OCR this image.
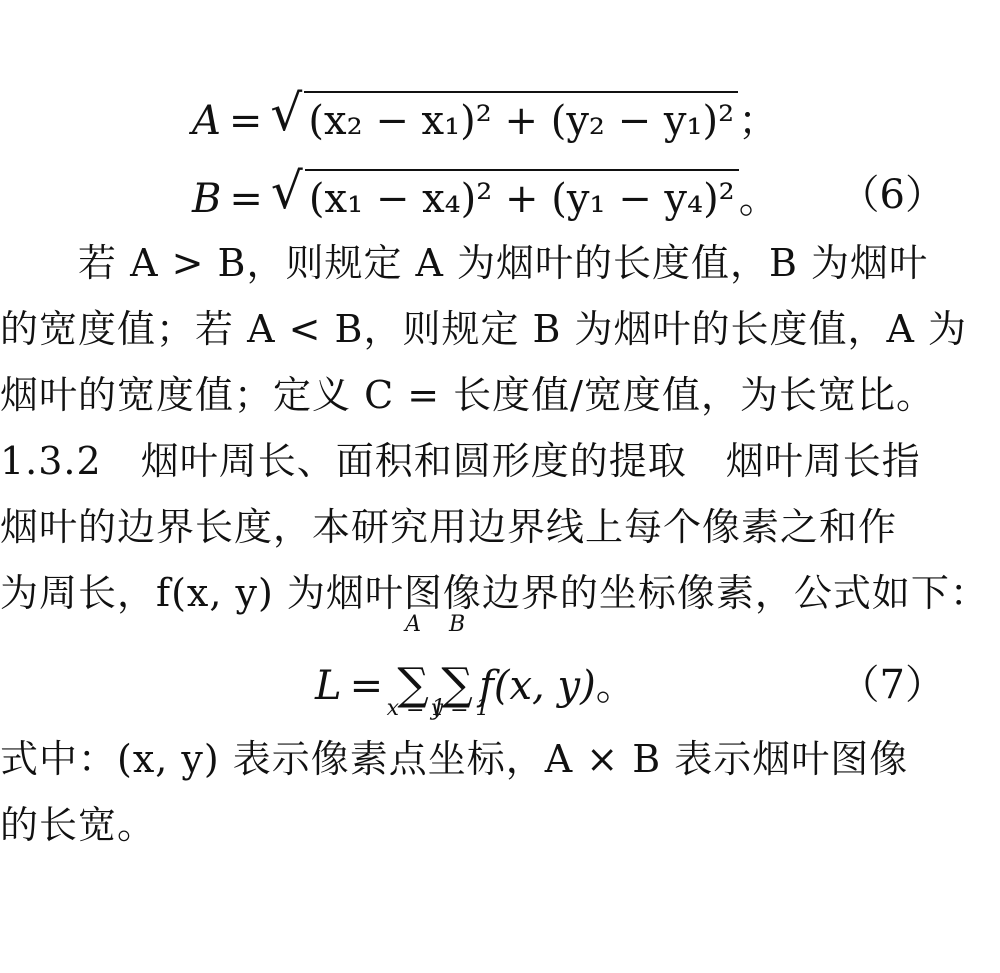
A = √ (x₂ − x₁)² + (y₂ − y₁)² ；
B = √ (x₁ − x₄)² + (y₁ − y₄)² 。 （6）
若 A > B，则规定 A 为烟叶的长度值，B 为烟叶
的宽度值；若 A < B，则规定 B 为烟叶的长度值，A 为
烟叶的宽度值；定义 C = 长度值/宽度值，为长宽比。
1.3.2　烟叶周长、面积和圆形度的提取　烟叶周长指
烟叶的边界长度，本研究用边界线上每个像素之和作
为周长，f(x, y) 为烟叶图像边界的坐标像素，公式如下：
L = ∑
A
x = 1
∑
B
y = 1
f(x, y)。	（7）
式中：(x, y) 表示像素点坐标，A × B 表示烟叶图像
的长宽。
